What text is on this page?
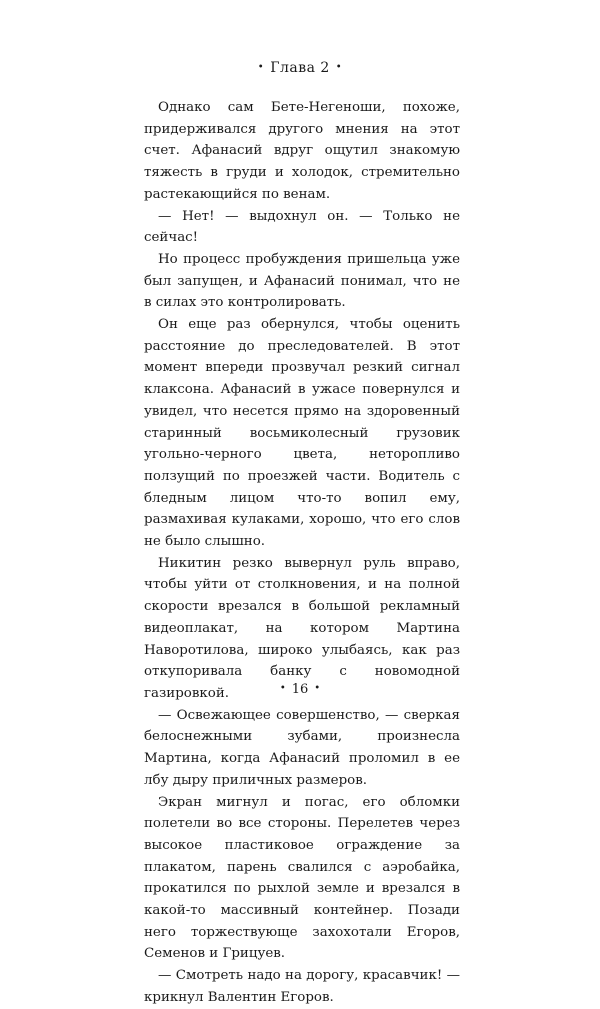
• Глава 2 •

Однако сам Бете-Негеноши, похоже, придерживался другого мнения на этот счет. Афанасий вдруг ощутил знакомую тяжесть в груди и холодок, стремительно растекающийся по венам.

— Нет! — выдохнул он. — Только не сейчас!

Но процесс пробуждения пришельца уже был запущен, и Афанасий понимал, что не в силах это контролировать.

Он еще раз обернулся, чтобы оценить расстояние до преследователей. В этот момент впереди прозвучал резкий сигнал клаксона. Афанасий в ужасе повернулся и увидел, что несется прямо на здоровенный старинный восьмиколесный грузовик угольно-черного цвета, неторопливо ползущий по проезжей части. Водитель с бледным лицом что-то вопил ему, размахивая кулаками, хорошо, что его слов не было слышно.

Никитин резко вывернул руль вправо, чтобы уйти от столкновения, и на полной скорости врезался в большой рекламный видеоплакат, на котором Мартина Наворотилова, широко улыбаясь, как раз откупоривала банку с новомодной газировкой.

— Освежающее совершенство, — сверкая белоснежными зубами, произнесла Мартина, когда Афанасий проломил в ее лбу дыру приличных размеров.

Экран мигнул и погас, его обломки полетели во все стороны. Перелетев через высокое пластиковое ограждение за плакатом, парень свалился с аэробайка, прокатился по рыхлой земле и врезался в какой-то массивный контейнер. Позади него торжествующе захохотали Егоров, Семенов и Грицуев.

— Смотреть надо на дорогу, красавчик! — крикнул Валентин Егоров.

• 16 •
